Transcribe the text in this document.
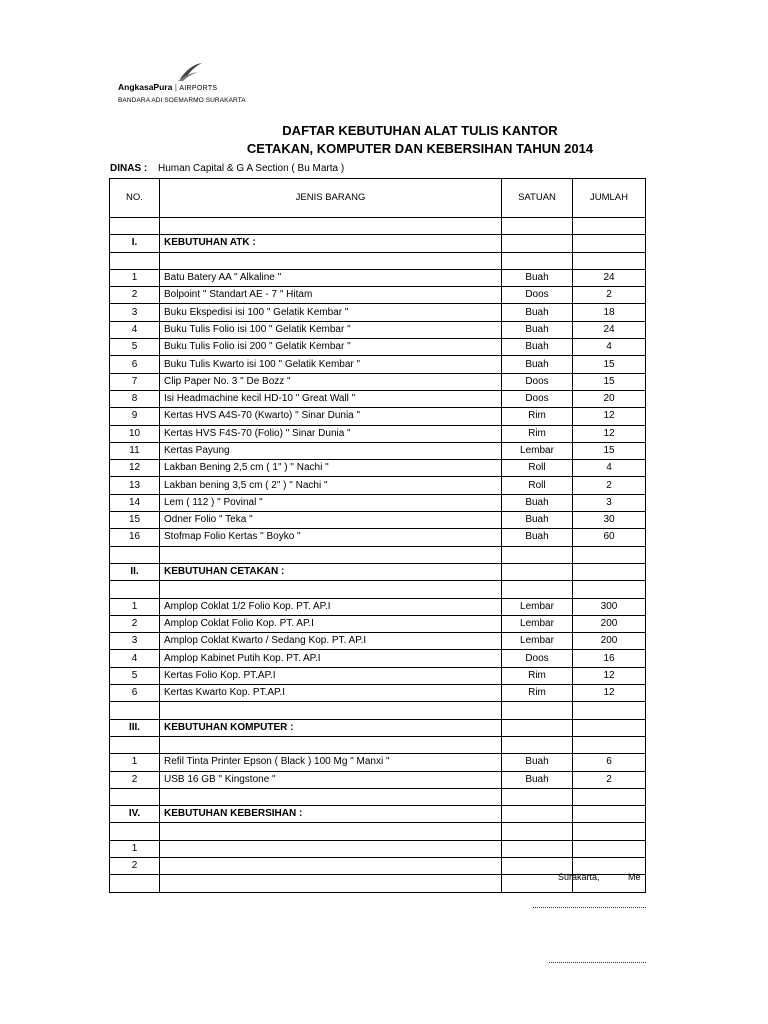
AngkasaPura | AIRPORTS
BANDARA ADI SOEMARMO SURAKARTA
DAFTAR KEBUTUHAN ALAT TULIS KANTOR
CETAKAN, KOMPUTER DAN KEBERSIHAN TAHUN 2014
DINAS : Human Capital & G A Section ( Bu Marta )
NO.	JENIS BARANG	SATUAN	JUMLAH

I.	KEBUTUHAN ATK :		

1	Batu Batery AA " Alkaline "	Buah	24
2	Bolpoint " Standart AE - 7 " Hitam	Doos	2
3	Buku Ekspedisi isi 100 " Gelatik Kembar "	Buah	18
4	Buku Tulis Folio isi 100 " Gelatik Kembar "	Buah	24
5	Buku Tulis Folio isi 200 " Gelatik Kembar "	Buah	4
6	Buku Tulis Kwarto isi 100 " Gelatik Kembar "	Buah	15
7	Clip Paper No. 3 " De Bozz "	Doos	15
8	Isi Headmachine kecil HD-10 " Great Wall "	Doos	20
9	Kertas HVS A4S-70 (Kwarto) " Sinar Dunia "	Rim	12
10	Kertas HVS F4S-70 (Folio) " Sinar Dunia "	Rim	12
11	Kertas Payung	Lembar	15
12	Lakban Bening 2,5 cm ( 1" ) " Nachi "	Roll	4
13	Lakban bening 3,5 cm ( 2" ) " Nachi "	Roll	2
14	Lem ( 112 ) " Povinal "	Buah	3
15	Odner Folio " Teka "	Buah	30
16	Stofmap Folio Kertas " Boyko "	Buah	60

II.	KEBUTUHAN CETAKAN :		

1	Amplop Coklat 1/2 Folio Kop. PT. AP.I	Lembar	300
2	Amplop Coklat Folio Kop. PT. AP.I	Lembar	200
3	Amplop Coklat Kwarto / Sedang Kop. PT. AP.I	Lembar	200
4	Amplop Kabinet Putih Kop. PT. AP.I	Doos	16
5	Kertas Folio Kop. PT.AP.I	Rim	12
6	Kertas Kwarto Kop. PT.AP.I	Rim	12

III.	KEBUTUHAN KOMPUTER :		

1	Refil Tinta Printer Epson ( Black ) 100 Mg " Manxi "	Buah	6
2	USB 16 GB " Kingstone "	Buah	2

IV.	KEBUTUHAN KEBERSIHAN :		

1			
2			

Surakarta,	Me
